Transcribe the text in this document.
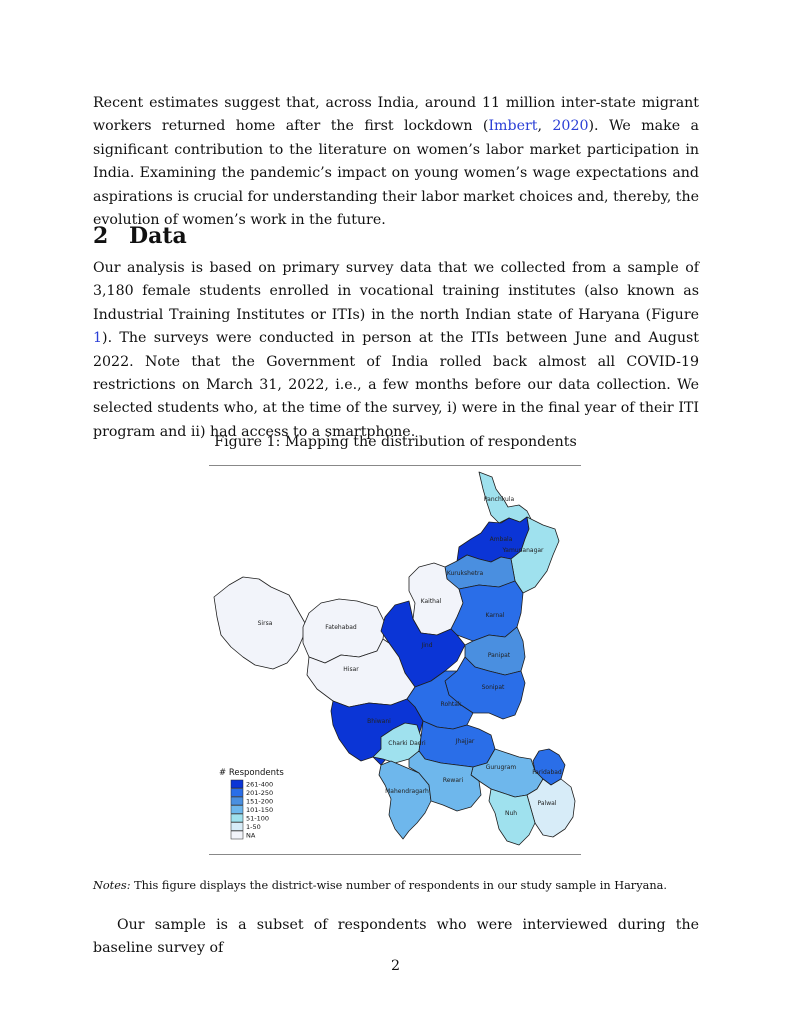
Recent estimates suggest that, across India, around 11 million inter-state migrant workers returned home after the first lockdown (Imbert, 2020). We make a significant contribution to the literature on women’s labor market participation in India. Examining the pandemic’s impact on young women’s wage expectations and aspirations is crucial for understanding their labor market choices and, thereby, the evolution of women’s work in the future.

2 Data

Our analysis is based on primary survey data that we collected from a sample of 3,180 female students enrolled in vocational training institutes (also known as Industrial Training Institutes or ITIs) in the north Indian state of Haryana (Figure 1). The surveys were conducted in person at the ITIs between June and August 2022. Note that the Government of India rolled back almost all COVID-19 restrictions on March 31, 2022, i.e., a few months before our data collection. We selected students who, at the time of the survey, i) were in the final year of their ITI program and ii) had access to a smartphone.

Figure 1: Mapping the distribution of respondents
Panchkula
Ambala
Yamunanagar
Kurukshetra
Kaithal
Karnal
Sirsa
Fatehabad
Jind
Panipat
Hisar
Sonipat
Rohtak
Bhiwani
Charki Dadri	Jhajjar
Faridabad
Gurugram
Mahendragarh
Rewari
Palwal
Nuh
# Respondents
261-400
201-250
151-200
101-150
51-100
1-50
NA

Notes: This figure displays the district-wise number of respondents in our study sample in Haryana.

Our sample is a subset of respondents who were interviewed during the baseline survey of

2
